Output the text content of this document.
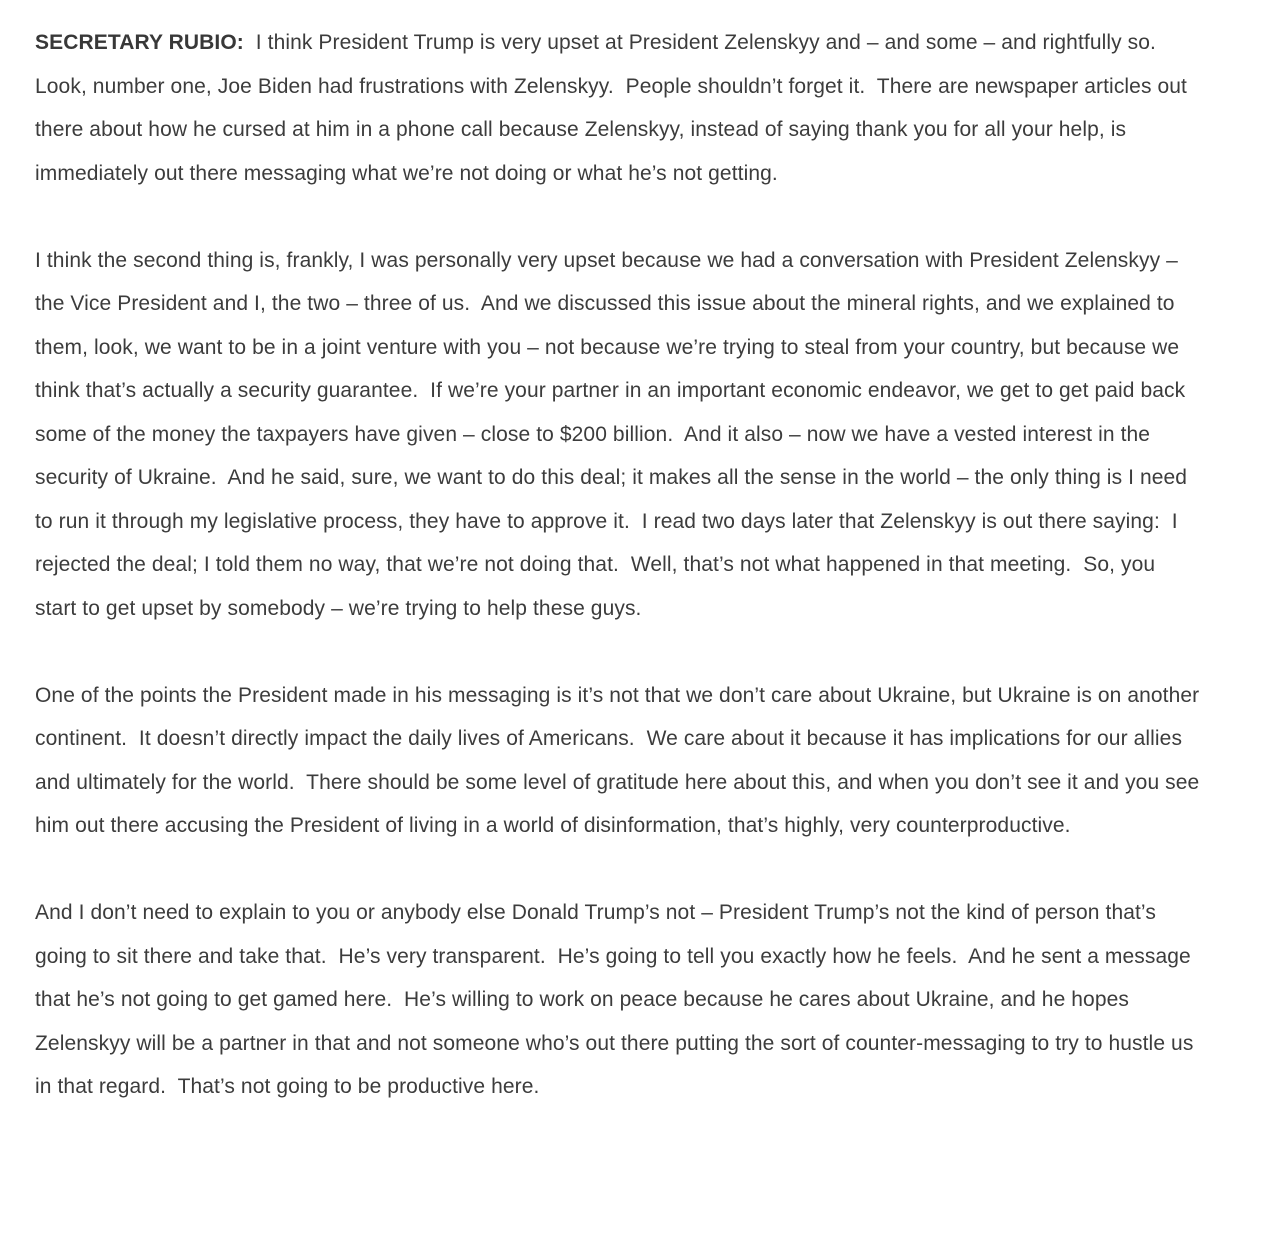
SECRETARY RUBIO:  I think President Trump is very upset at President Zelenskyy and – and some – and rightfully so.  Look, number one, Joe Biden had frustrations with Zelenskyy.  People shouldn’t forget it.  There are newspaper articles out there about how he cursed at him in a phone call because Zelenskyy, instead of saying thank you for all your help, is immediately out there messaging what we’re not doing or what he’s not getting.

I think the second thing is, frankly, I was personally very upset because we had a conversation with President Zelenskyy – the Vice President and I, the two – three of us.  And we discussed this issue about the mineral rights, and we explained to them, look, we want to be in a joint venture with you – not because we’re trying to steal from your country, but because we think that’s actually a security guarantee.  If we’re your partner in an important economic endeavor, we get to get paid back some of the money the taxpayers have given – close to $200 billion.  And it also – now we have a vested interest in the security of Ukraine.  And he said, sure, we want to do this deal; it makes all the sense in the world – the only thing is I need to run it through my legislative process, they have to approve it.  I read two days later that Zelenskyy is out there saying:  I rejected the deal; I told them no way, that we’re not doing that.  Well, that’s not what happened in that meeting.  So, you start to get upset by somebody – we’re trying to help these guys.

One of the points the President made in his messaging is it’s not that we don’t care about Ukraine, but Ukraine is on another continent.  It doesn’t directly impact the daily lives of Americans.  We care about it because it has implications for our allies and ultimately for the world.  There should be some level of gratitude here about this, and when you don’t see it and you see him out there accusing the President of living in a world of disinformation, that’s highly, very counterproductive.

And I don’t need to explain to you or anybody else Donald Trump’s not – President Trump’s not the kind of person that’s going to sit there and take that.  He’s very transparent.  He’s going to tell you exactly how he feels.  And he sent a message that he’s not going to get gamed here.  He’s willing to work on peace because he cares about Ukraine, and he hopes Zelenskyy will be a partner in that and not someone who’s out there putting the sort of counter-messaging to try to hustle us in that regard.  That’s not going to be productive here.
